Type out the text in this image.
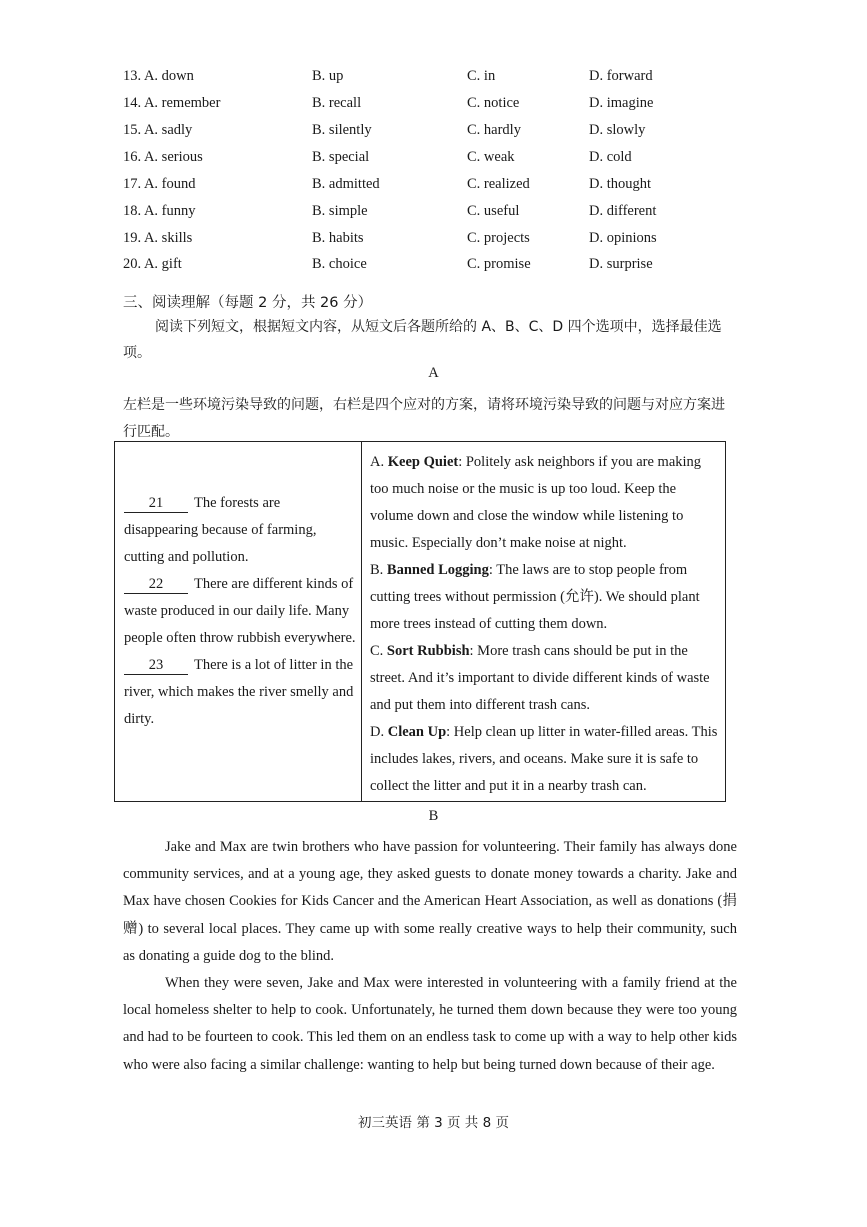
13. A. down	B. up	C. in	D. forward
14. A. remember	B. recall	C. notice	D. imagine
15. A. sadly	B. silently	C. hardly	D. slowly
16. A. serious	B. special	C. weak	D. cold
17. A. found	B. admitted	C. realized	D. thought
18. A. funny	B. simple	C. useful	D. different
19. A. skills	B. habits	C. projects	D. opinions
20. A. gift	B. choice	C. promise	D. surprise
三、阅读理解（每题 2 分，共 26 分）
阅读下列短文，根据短文内容，从短文后各题所给的 A、B、C、D 四个选项中，选择最佳选项。
A
左栏是一些环境污染导致的问题，右栏是四个应对的方案，请将环境污染导致的问题与对应方案进行匹配。
21 The forests are disappearing because of farming, cutting and pollution.
22 There are different kinds of waste produced in our daily life. Many people often throw rubbish everywhere.
23 There is a lot of litter in the river, which makes the river smelly and dirty.
A. Keep Quiet: Politely ask neighbors if you are making too much noise or the music is up too loud. Keep the volume down and close the window while listening to music. Especially don’t make noise at night.
B. Banned Logging: The laws are to stop people from cutting trees without permission (允许). We should plant more trees instead of cutting them down.
C. Sort Rubbish: More trash cans should be put in the street. And it’s important to divide different kinds of waste and put them into different trash cans.
D. Clean Up: Help clean up litter in water-filled areas. This includes lakes, rivers, and oceans. Make sure it is safe to collect the litter and put it in a nearby trash can.
B

Jake and Max are twin brothers who have passion for volunteering. Their family has always done community services, and at a young age, they asked guests to donate money towards a charity. Jake and Max have chosen Cookies for Kids Cancer and the American Heart Association, as well as donations (捐赠) to several local places. They came up with some really creative ways to help their community, such as donating a guide dog to the blind.

When they were seven, Jake and Max were interested in volunteering with a family friend at the local homeless shelter to help to cook. Unfortunately, he turned them down because they were too young and had to be fourteen to cook. This led them on an endless task to come up with a way to help other kids who were also facing a similar challenge: wanting to help but being turned down because of their age.

初三英语 第 3 页 共 8 页
